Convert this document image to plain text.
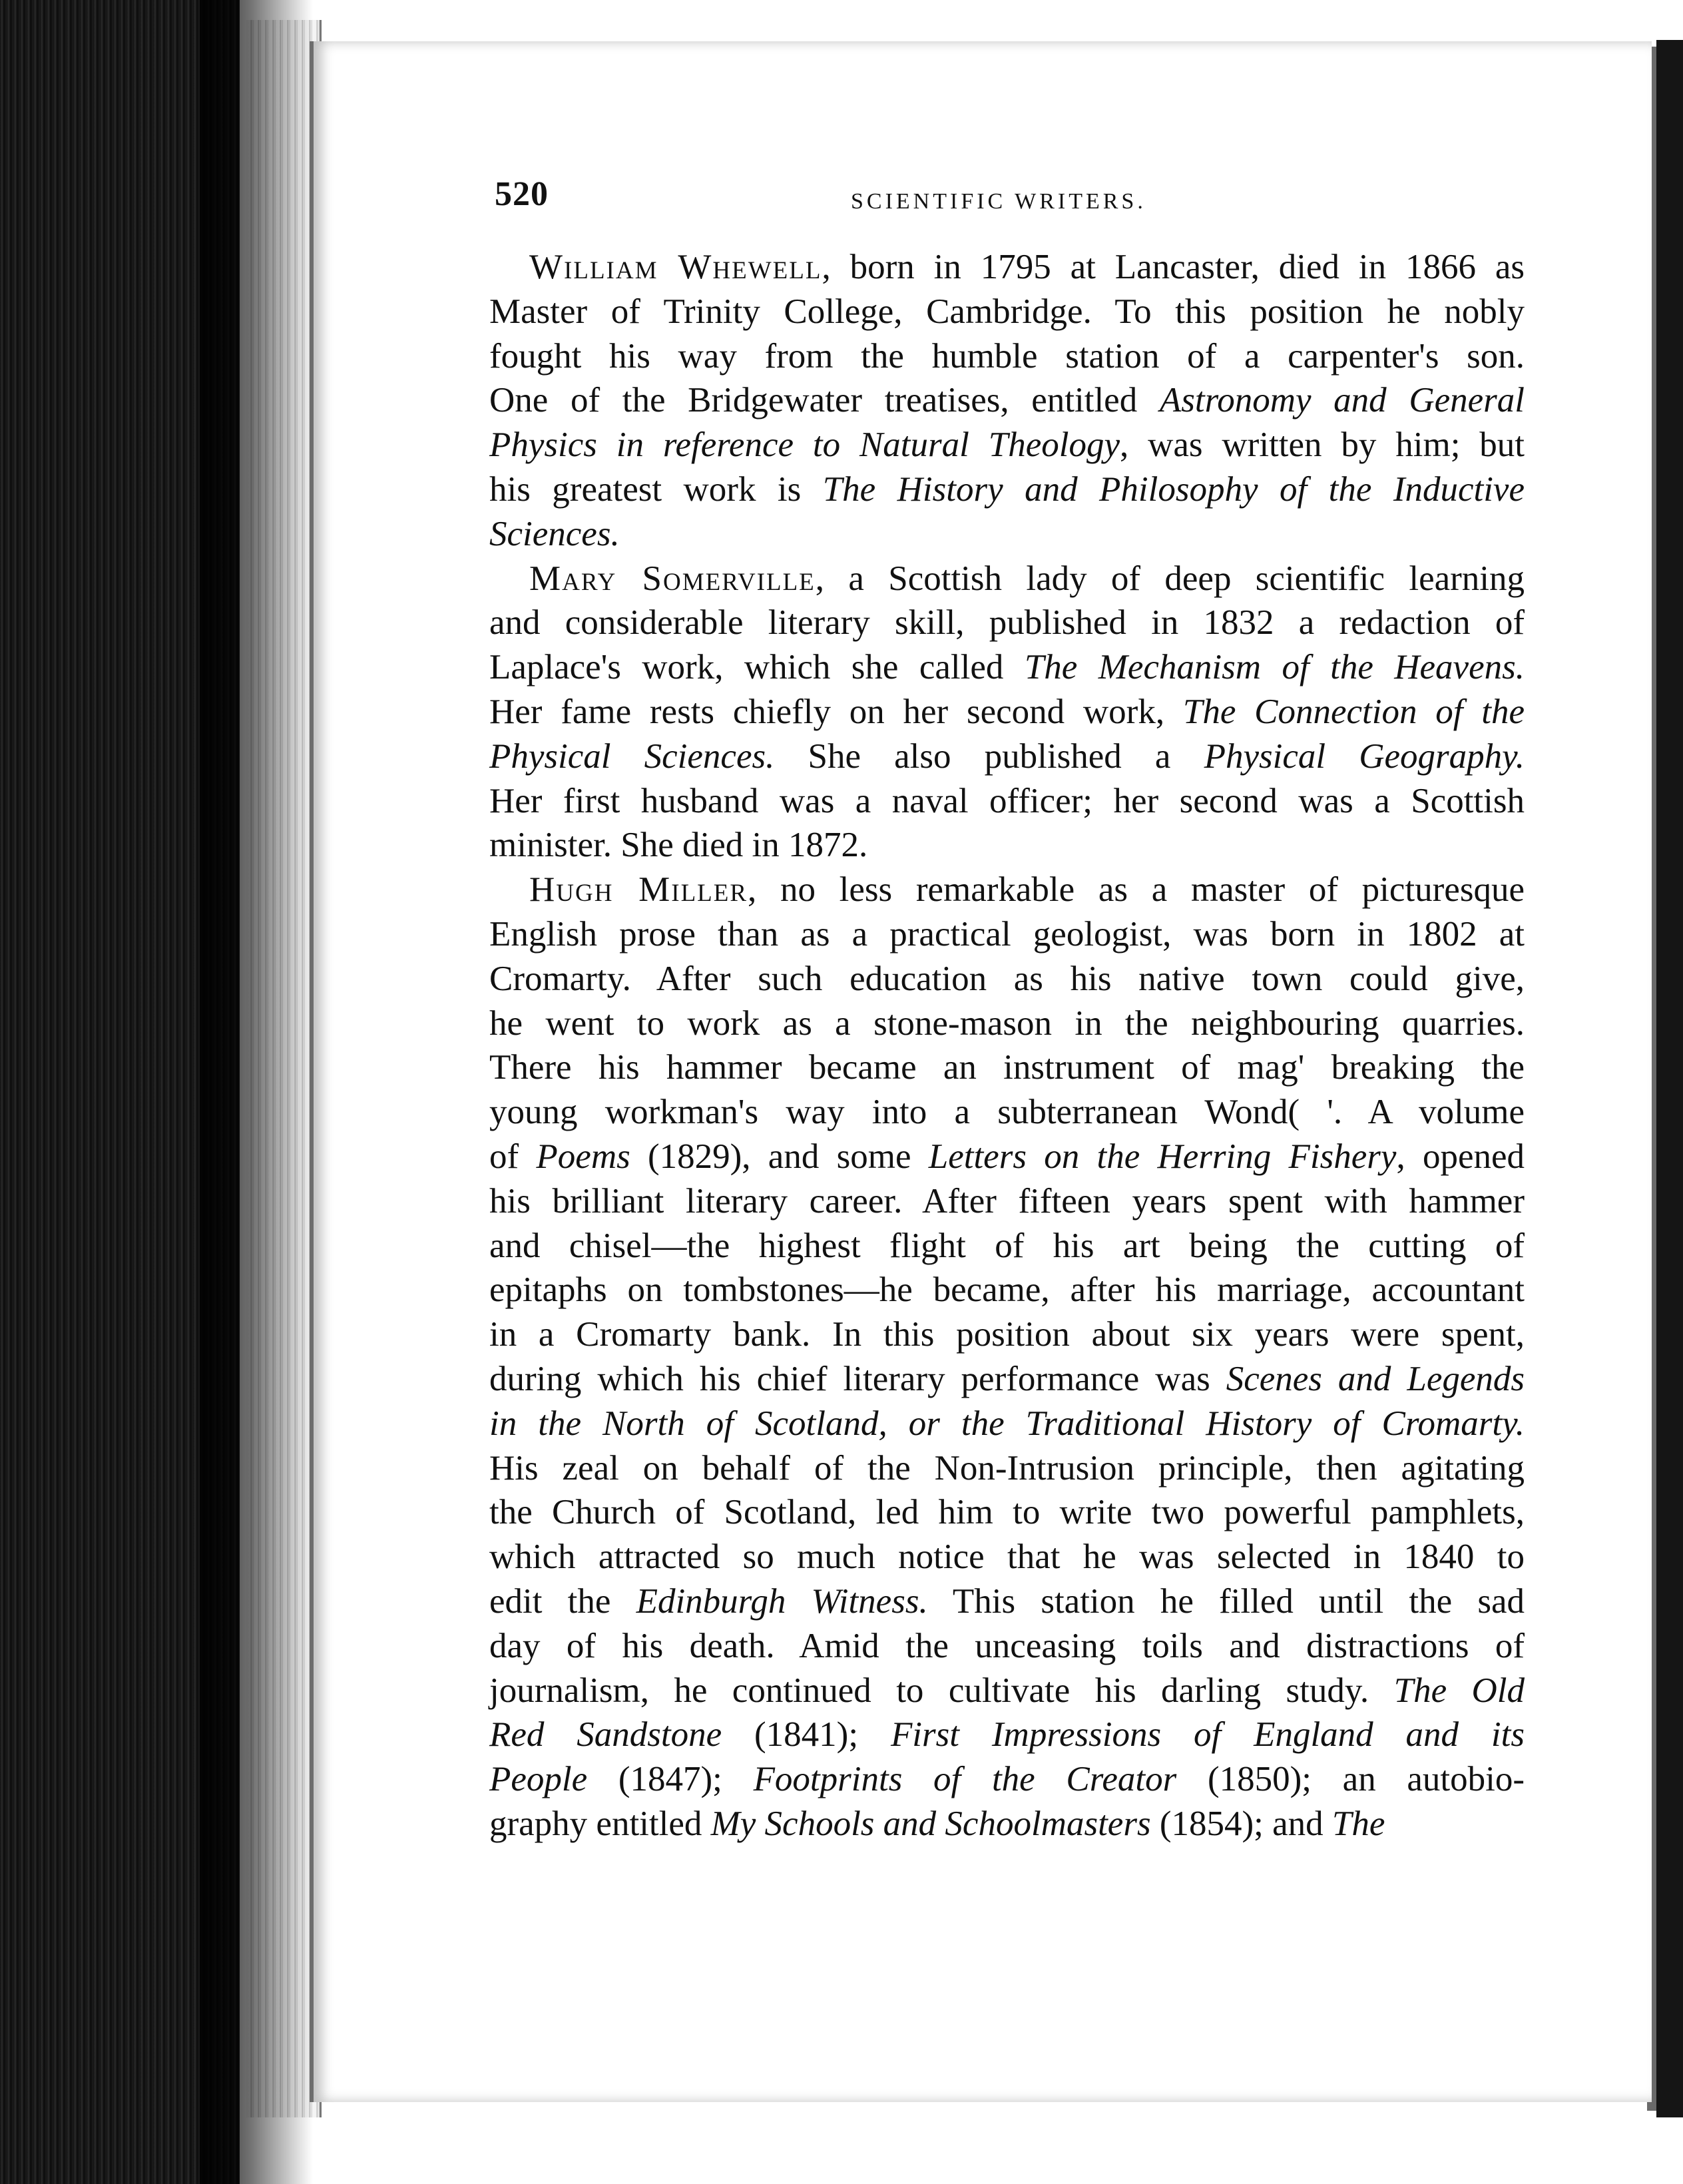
520	SCIENTIFIC WRITERS.
William Whewell, born in 1795 at Lancaster, died in 1866 as
Master of Trinity College, Cambridge. To this position he nobly
fought his way from the humble station of a carpenter's son.
One of the Bridgewater treatises, entitled Astronomy and General
Physics in reference to Natural Theology, was written by him; but
his greatest work is The History and Philosophy of the Inductive
Sciences.
Mary Somerville, a Scottish lady of deep scientific learning
and considerable literary skill, published in 1832 a redaction of
Laplace's work, which she called The Mechanism of the Heavens.
Her fame rests chiefly on her second work, The Connection of the
Physical Sciences. She also published a Physical Geography.
Her first husband was a naval officer; her second was a Scottish
minister. She died in 1872.
Hugh Miller, no less remarkable as a master of picturesque
English prose than as a practical geologist, was born in 1802 at
Cromarty. After such education as his native town could give,
he went to work as a stone-mason in the neighbouring quarries.
There his hammer became an instrument of mag' breaking the
young workman's way into a subterranean Wond( '. A volume
of Poems (1829), and some Letters on the Herring Fishery, opened
his brilliant literary career. After fifteen years spent with hammer
and chisel—the highest flight of his art being the cutting of
epitaphs on tombstones—he became, after his marriage, accountant
in a Cromarty bank. In this position about six years were spent,
during which his chief literary performance was Scenes and Legends
in the North of Scotland, or the Traditional History of Cromarty.
His zeal on behalf of the Non-Intrusion principle, then agitating
the Church of Scotland, led him to write two powerful pamphlets,
which attracted so much notice that he was selected in 1840 to
edit the Edinburgh Witness. This station he filled until the sad
day of his death. Amid the unceasing toils and distractions of
journalism, he continued to cultivate his darling study. The Old
Red Sandstone (1841); First Impressions of England and its
People (1847); Footprints of the Creator (1850); an autobio-
graphy entitled My Schools and Schoolmasters (1854); and The
